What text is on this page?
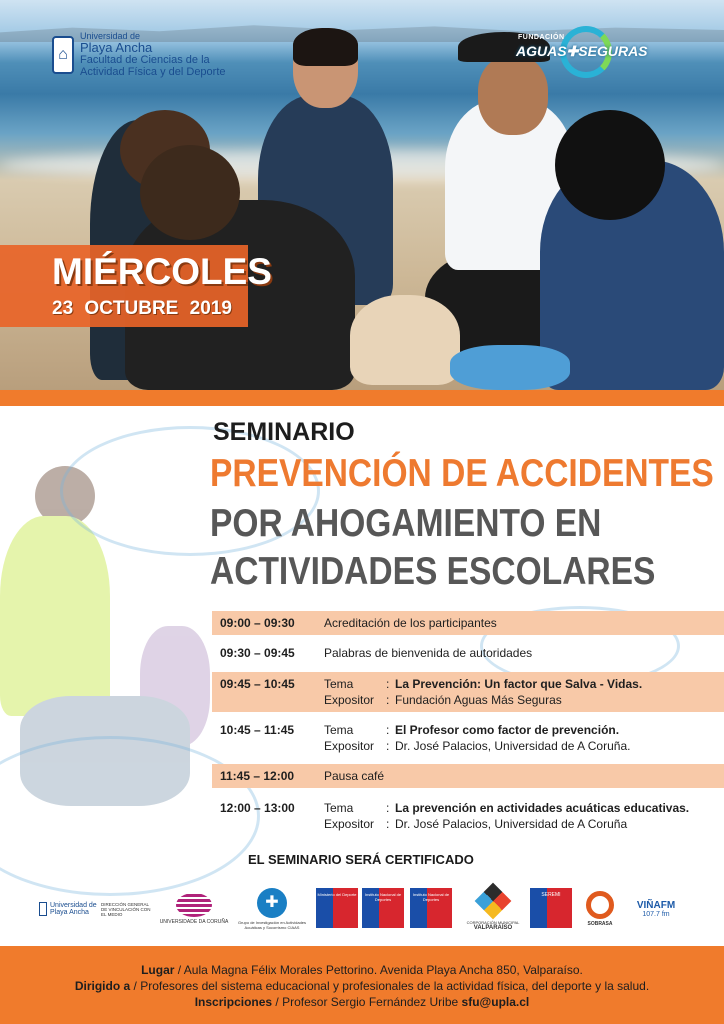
⌂
Universidad de
Playa Ancha
Facultad de Ciencias de la
Actividad Física y del Deporte
FUNDACIÓN
AGUAS✚SEGURAS
MIÉRCOLES
23 OCTUBRE 2019
SEMINARIO
PREVENCIÓN DE ACCIDENTES
POR AHOGAMIENTO EN
ACTIVIDADES ESCOLARES
09:00 – 09:30 Acreditación de los participantes
09:30 – 09:45 Palabras de bienvenida de autoridades
09:45 – 10:45 Tema	: La Prevención: Un factor que Salva - Vidas.
Expositor : Fundación Aguas Más Seguras
10:45 – 11:45 Tema	: El Profesor como factor de prevención.
Expositor : Dr. José Palacios, Universidad de A Coruña.
11:45 – 12:00 Pausa café
12:00 – 13:00 Tema	: La prevención en actividades acuáticas educativas.
Expositor : Dr. José Palacios, Universidad de A Coruña
EL SEMINARIO SERÁ CERTIFICADO
Universidad de Playa Ancha
DIRECCIÓN GENERAL DE VINCULACIÓN CON EL MEDIO
UNIVERSIDADE DA CORUÑA
✚
Grupo de Investigación en Actividades Acuáticas y Socorrismo CIAAS
Ministerio del Deporte	Instituto Nacional de Deportes
Instituto Nacional de Deportes
CORPORACIÓN MUNICIPAL
VALPARAÍSO
SEREMI
SOBRASA
VIÑAFM
107.7 fm
Lugar / Aula Magna Félix Morales Pettorino. Avenida Playa Ancha 850, Valparaíso.
Dirigido a / Profesores del sistema educacional y profesionales de la actividad física, del deporte y la salud.
Inscripciones / Profesor Sergio Fernández Uribe sfu@upla.cl
